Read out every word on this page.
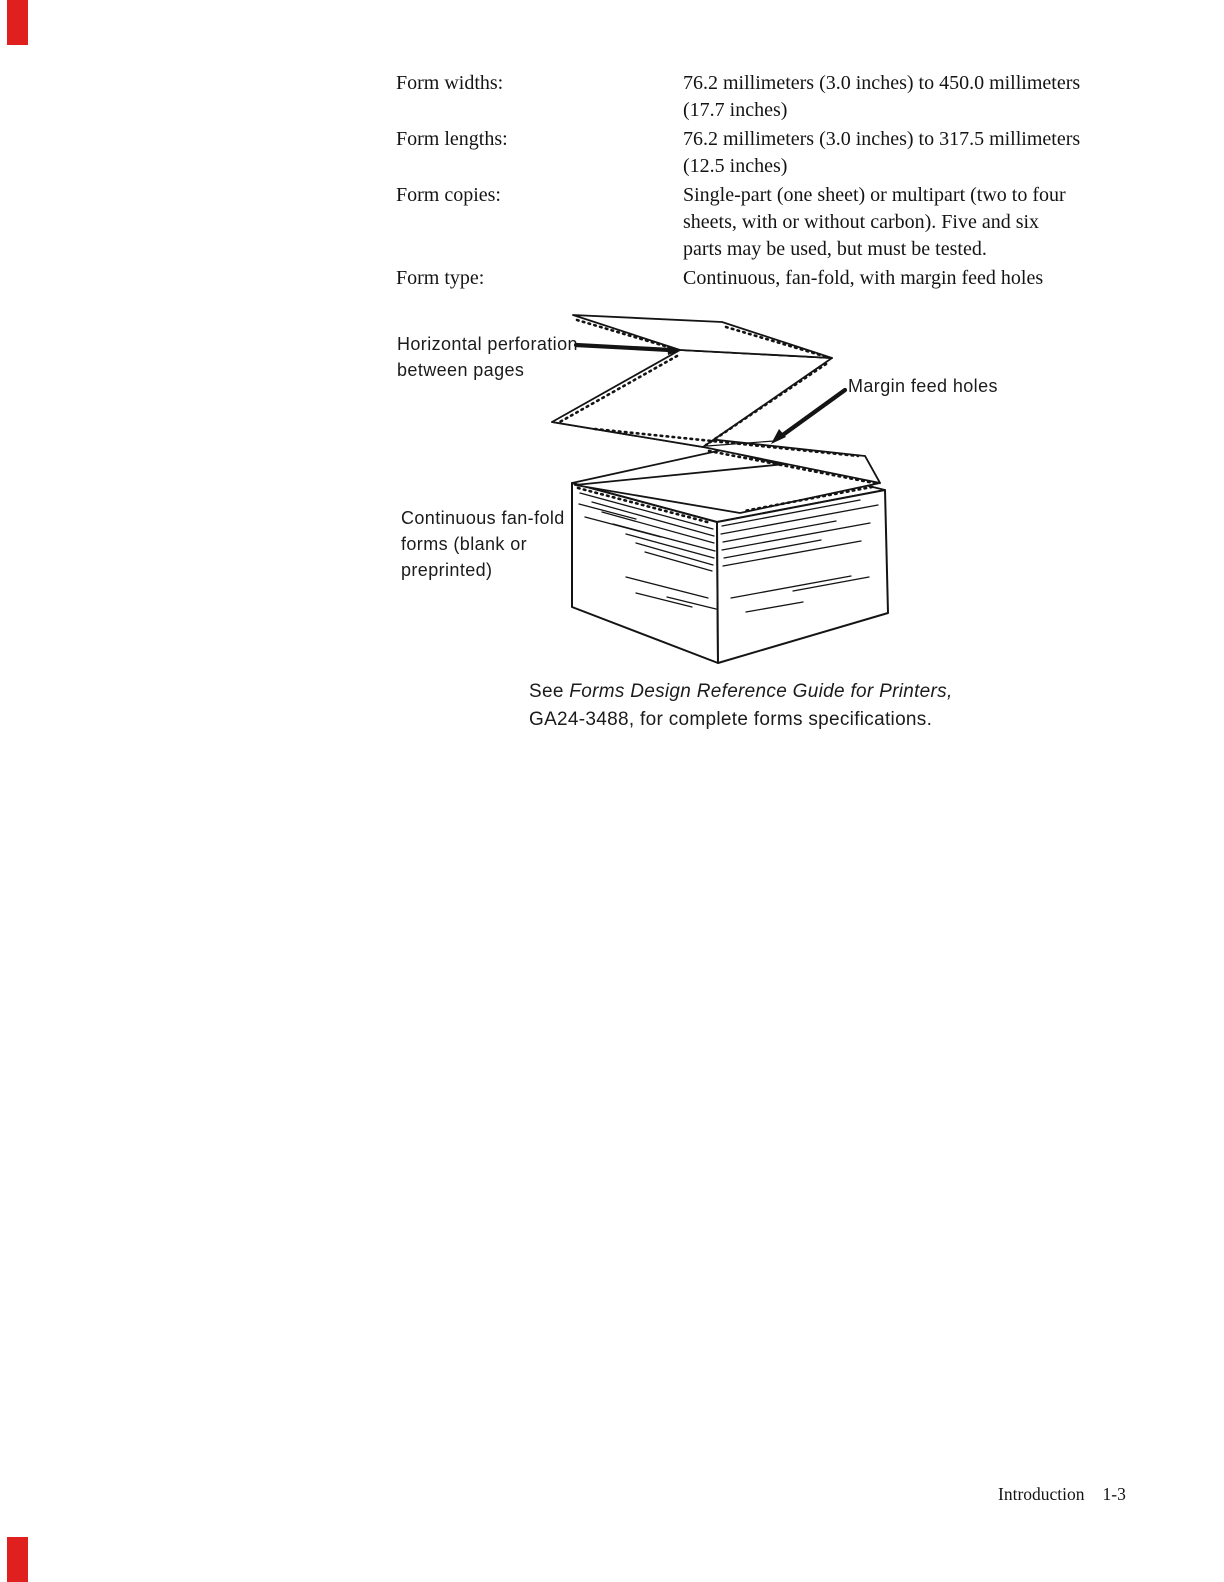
Form widths:	76.2 millimeters (3.0 inches) to 450.0 millimeters
(17.7 inches)
Form lengths:	76.2 millimeters (3.0 inches) to 317.5 millimeters
(12.5 inches)
Form copies:	Single-part (one sheet) or multipart (two to four
sheets, with or without carbon). Five and six
parts may be used, but must be tested.
Form type:	Continuous, fan-fold, with margin feed holes
Horizontal perforation
between pages
Margin feed holes
Continuous fan-fold
forms (blank or
preprinted)
See Forms Design Reference Guide for Printers,
GA24-3488, for complete forms specifications.
Introduction 1-3
